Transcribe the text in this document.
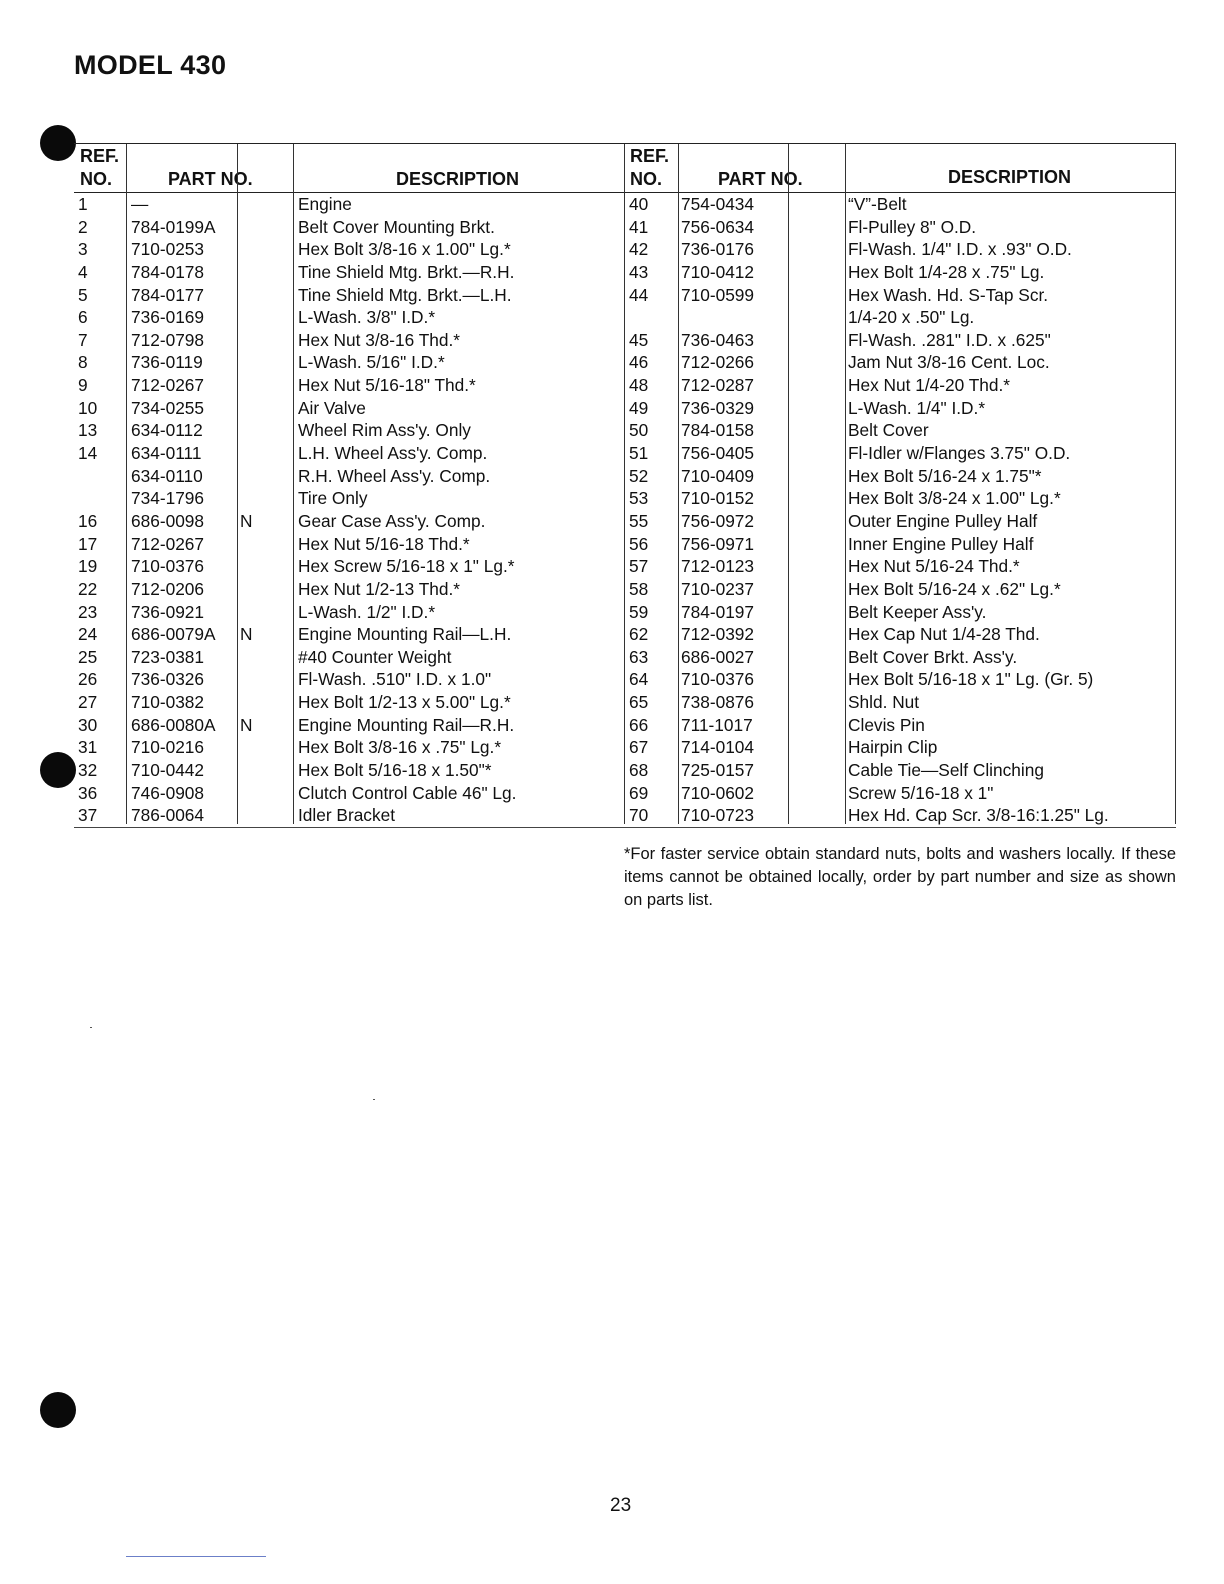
MODEL 430
REF.
NO.	PART NO.	DESCRIPTION
1	—	Engine
2	784-0199A	Belt Cover Mounting Brkt.
3	710-0253	Hex Bolt 3/8-16 x 1.00" Lg.*
4	784-0178	Tine Shield Mtg. Brkt.—R.H.
5	784-0177	Tine Shield Mtg. Brkt.—L.H.
6	736-0169	L-Wash. 3/8" I.D.*
7	712-0798	Hex Nut 3/8-16 Thd.*
8	736-0119	L-Wash. 5/16" I.D.*
9	712-0267	Hex Nut 5/16-18" Thd.*
10 734-0255	Air Valve
13 634-0112	Wheel Rim Ass'y. Only
14 634-0111	L.H. Wheel Ass'y. Comp.
634-0110	R.H. Wheel Ass'y. Comp.
734-1796	Tire Only
16 686-0098 N	Gear Case Ass'y. Comp.
17 712-0267	Hex Nut 5/16-18 Thd.*
19 710-0376	Hex Screw 5/16-18 x 1" Lg.*
22 712-0206	Hex Nut 1/2-13 Thd.*
23 736-0921	L-Wash. 1/2" I.D.*
24 686-0079A N	Engine Mounting Rail—L.H.
25 723-0381	#40 Counter Weight
26 736-0326	Fl-Wash. .510" I.D. x 1.0"
27 710-0382	Hex Bolt 1/2-13 x 5.00" Lg.*
30 686-0080A N	Engine Mounting Rail—R.H.
31 710-0216	Hex Bolt 3/8-16 x .75" Lg.*
32 710-0442	Hex Bolt 5/16-18 x 1.50"*
36 746-0908	Clutch Control Cable 46" Lg.
37 786-0064	Idler Bracket
REF.
NO.	PART NO.	DESCRIPTION
40 754-0434	“V”-Belt
41 756-0634	Fl-Pulley 8" O.D.
42 736-0176	Fl-Wash. 1/4" I.D. x .93" O.D.
43 710-0412	Hex Bolt 1/4-28 x .75" Lg.
44 710-0599	Hex Wash. Hd. S-Tap Scr.
1/4-20 x .50" Lg.
45 736-0463	Fl-Wash. .281" I.D. x .625"
46 712-0266	Jam Nut 3/8-16 Cent. Loc.
48 712-0287	Hex Nut 1/4-20 Thd.*
49 736-0329	L-Wash. 1/4" I.D.*
50 784-0158	Belt Cover
51 756-0405	Fl-Idler w/Flanges 3.75" O.D.
52 710-0409	Hex Bolt 5/16-24 x 1.75"*
53 710-0152	Hex Bolt 3/8-24 x 1.00" Lg.*
55 756-0972	Outer Engine Pulley Half
56 756-0971	Inner Engine Pulley Half
57 712-0123	Hex Nut 5/16-24 Thd.*
58 710-0237	Hex Bolt 5/16-24 x .62" Lg.*
59 784-0197	Belt Keeper Ass'y.
62 712-0392	Hex Cap Nut 1/4-28 Thd.
63 686-0027	Belt Cover Brkt. Ass'y.
64 710-0376	Hex Bolt 5/16-18 x 1" Lg. (Gr. 5)
65 738-0876	Shld. Nut
66 711-1017	Clevis Pin
67 714-0104	Hairpin Clip
68 725-0157	Cable Tie—Self Clinching
69 710-0602	Screw 5/16-18 x 1"
70 710-0723	Hex Hd. Cap Scr. 3/8-16:1.25" Lg.
*For faster service obtain standard nuts, bolts and washers locally. If these items cannot be obtained locally, order by part number and size as shown on parts list.
23
